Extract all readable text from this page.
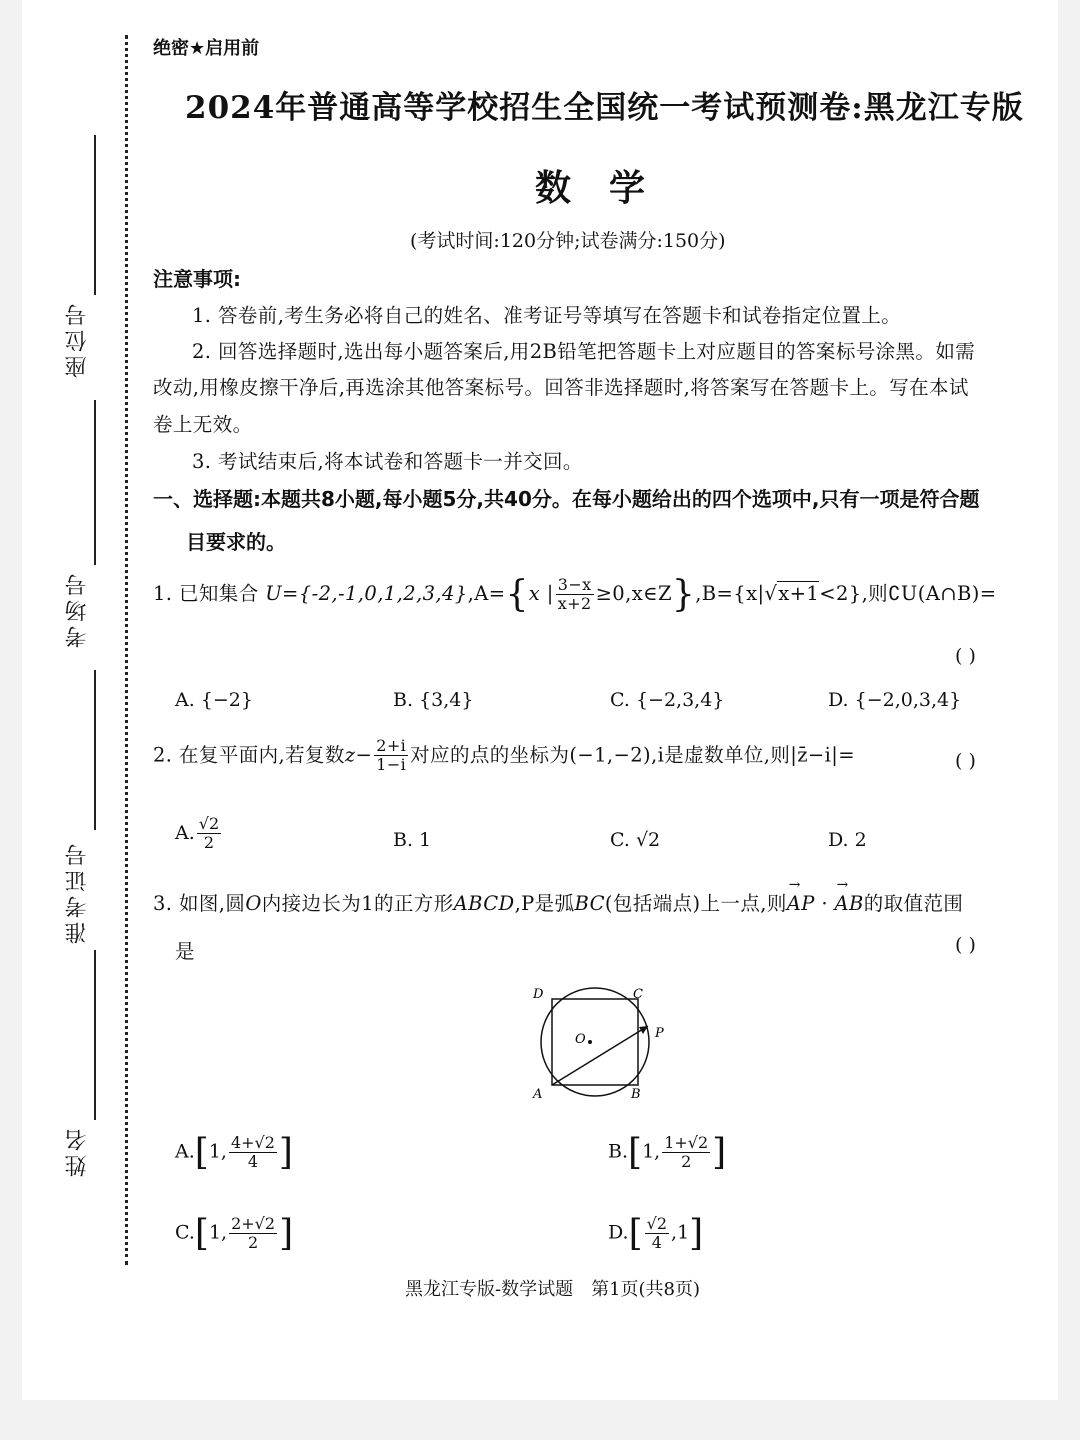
座位号
考场号
准考证号
姓名
绝密★启用前
2024年普通高等学校招生全国统一考试预测卷:黑龙江专版
数学
(考试时间:120分钟;试卷满分:150分)
注意事项:
1. 答卷前,考生务必将自己的姓名、准考证号等填写在答题卡和试卷指定位置上。
2. 回答选择题时,选出每小题答案后,用2B铅笔把答题卡上对应题目的答案标号涂黑。如需
改动,用橡皮擦干净后,再选涂其他答案标号。回答非选择题时,将答案写在答题卡上。写在本试
卷上无效。
3. 考试结束后,将本试卷和答题卡一并交回。
一、选择题:本题共8小题,每小题5分,共40分。在每小题给出的四个选项中,只有一项是符合题
目要求的。
1. 已知集合 U={-2,-1,0,1,2,3,4},A={x | $\frac{3-x}{x+2}$ ≥0,x∈Z},B={x|√x+1<2},则∁U(A∩B)=
( )
A. {−2}	B. {3,4}	C. {−2,3,4}	D. {−2,0,3,4}
2. 在复平面内,若复数$z- \frac{2+i}{1-i}$ 对应的点的坐标为(−1,−2),i是虚数单位,则|z̄−i|=	( )
A. $\frac{√2}{2}$	B. 1	C. √2	D. 2
3. 如图,圆O内接边长为1的正方形ABCD,P是弧BC(包括端点)上一点,则→ AP · → AB的取值范围
是	( )
D	C
O	P
A	B
A.[1, $\frac{4+√2}{4}$ ]	B.[1, $\frac{1+√2}{2}$ ]
C.[1, $\frac{2+√2}{2}$ ]	$D.[ \frac{√2}{4} ,1]$
黑龙江专版-数学试题　第1页(共8页)
